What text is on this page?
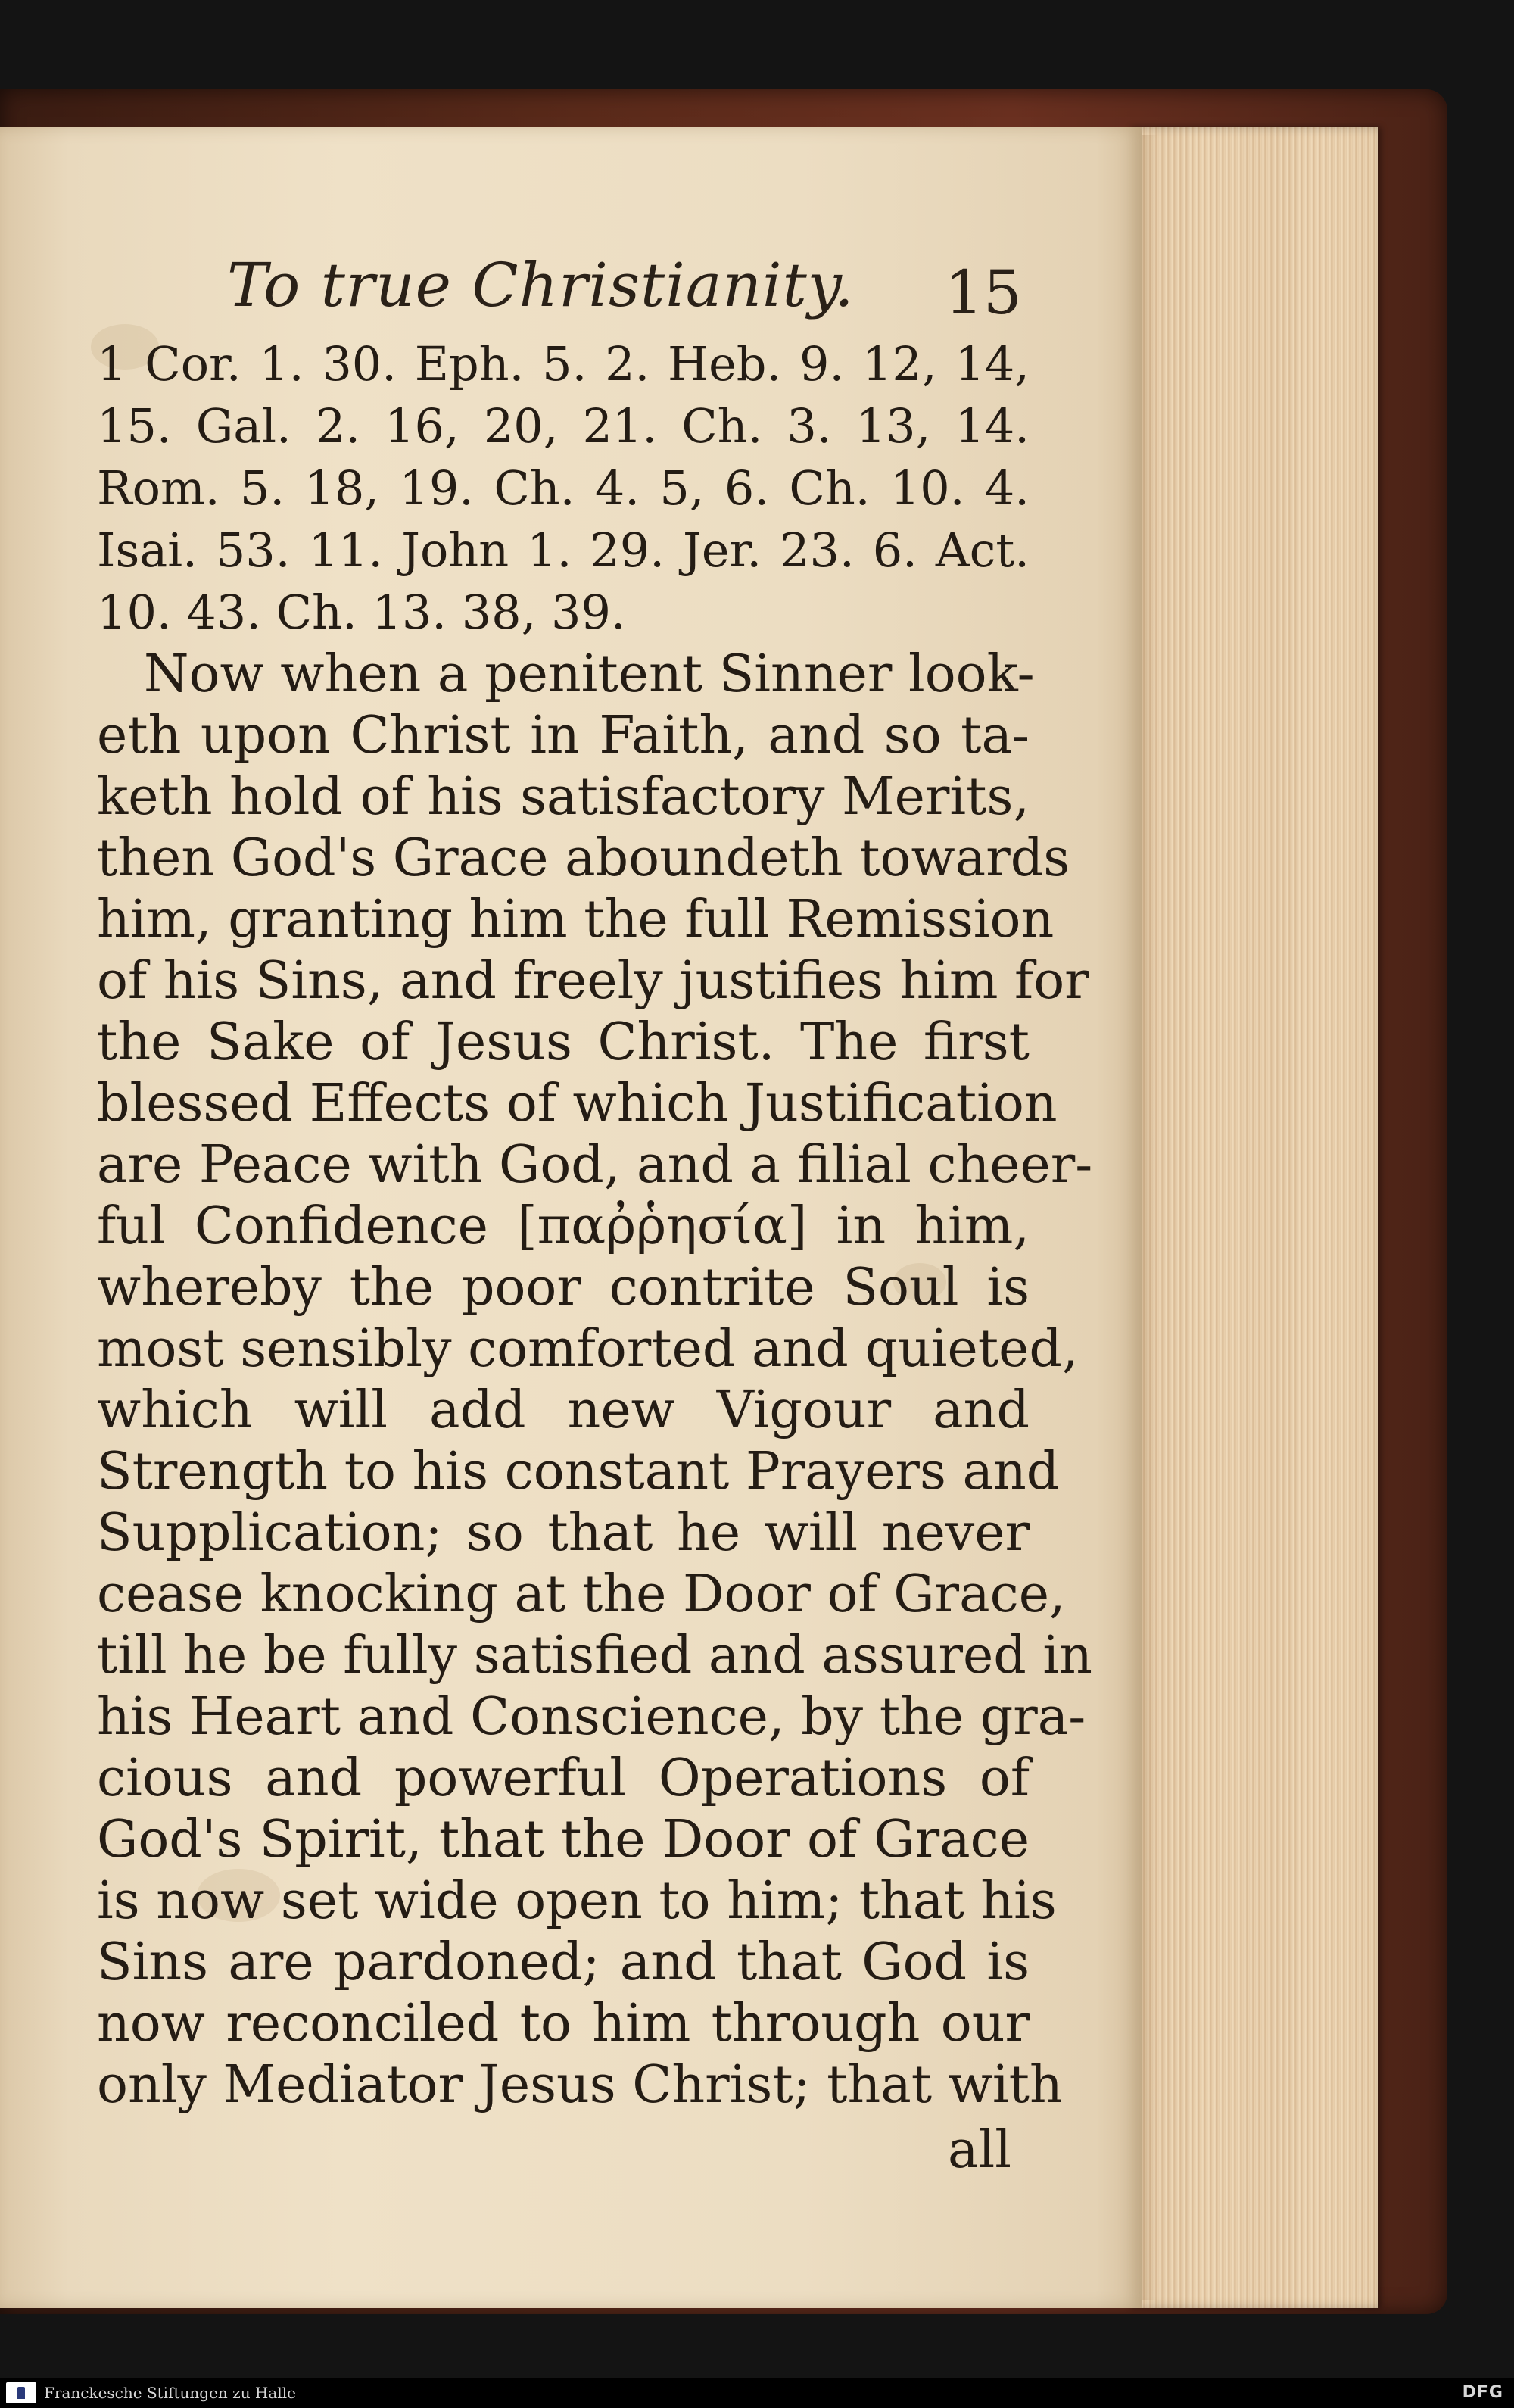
To true Christianity.	15
1 Cor. 1. 30. Eph. 5. 2. Heb. 9. 12, 14,
15. Gal. 2. 16, 20, 21. Ch. 3. 13, 14.
Rom. 5. 18, 19. Ch. 4. 5, 6. Ch. 10. 4.
Isai. 53. 11. John 1. 29. Jer. 23. 6. Act.
10. 43. Ch. 13. 38, 39.
Now when a penitent Sinner look-
eth upon Christ in Faith, and so ta-
keth hold of his satisfactory Merits,
then God's Grace aboundeth towards
him, granting him the full Remission
of his Sins, and freely justifies him for
the Sake of Jesus Christ. The first
blessed Effects of which Justification
are Peace with God, and a filial cheer-
ful Confidence [παῤῥησία] in him,
whereby the poor contrite Soul is
most sensibly comforted and quieted,
which will add new Vigour and
Strength to his constant Prayers and
Supplication; so that he will never
cease knocking at the Door of Grace,
till he be fully satisfied and assured in
his Heart and Conscience, by the gra-
cious and powerful Operations of
God's Spirit, that the Door of Grace
is now set wide open to him; that his
Sins are pardoned; and that God is
now reconciled to him through our
only Mediator Jesus Christ; that with
all
Franckesche Stiftungen zu Halle	DFG
